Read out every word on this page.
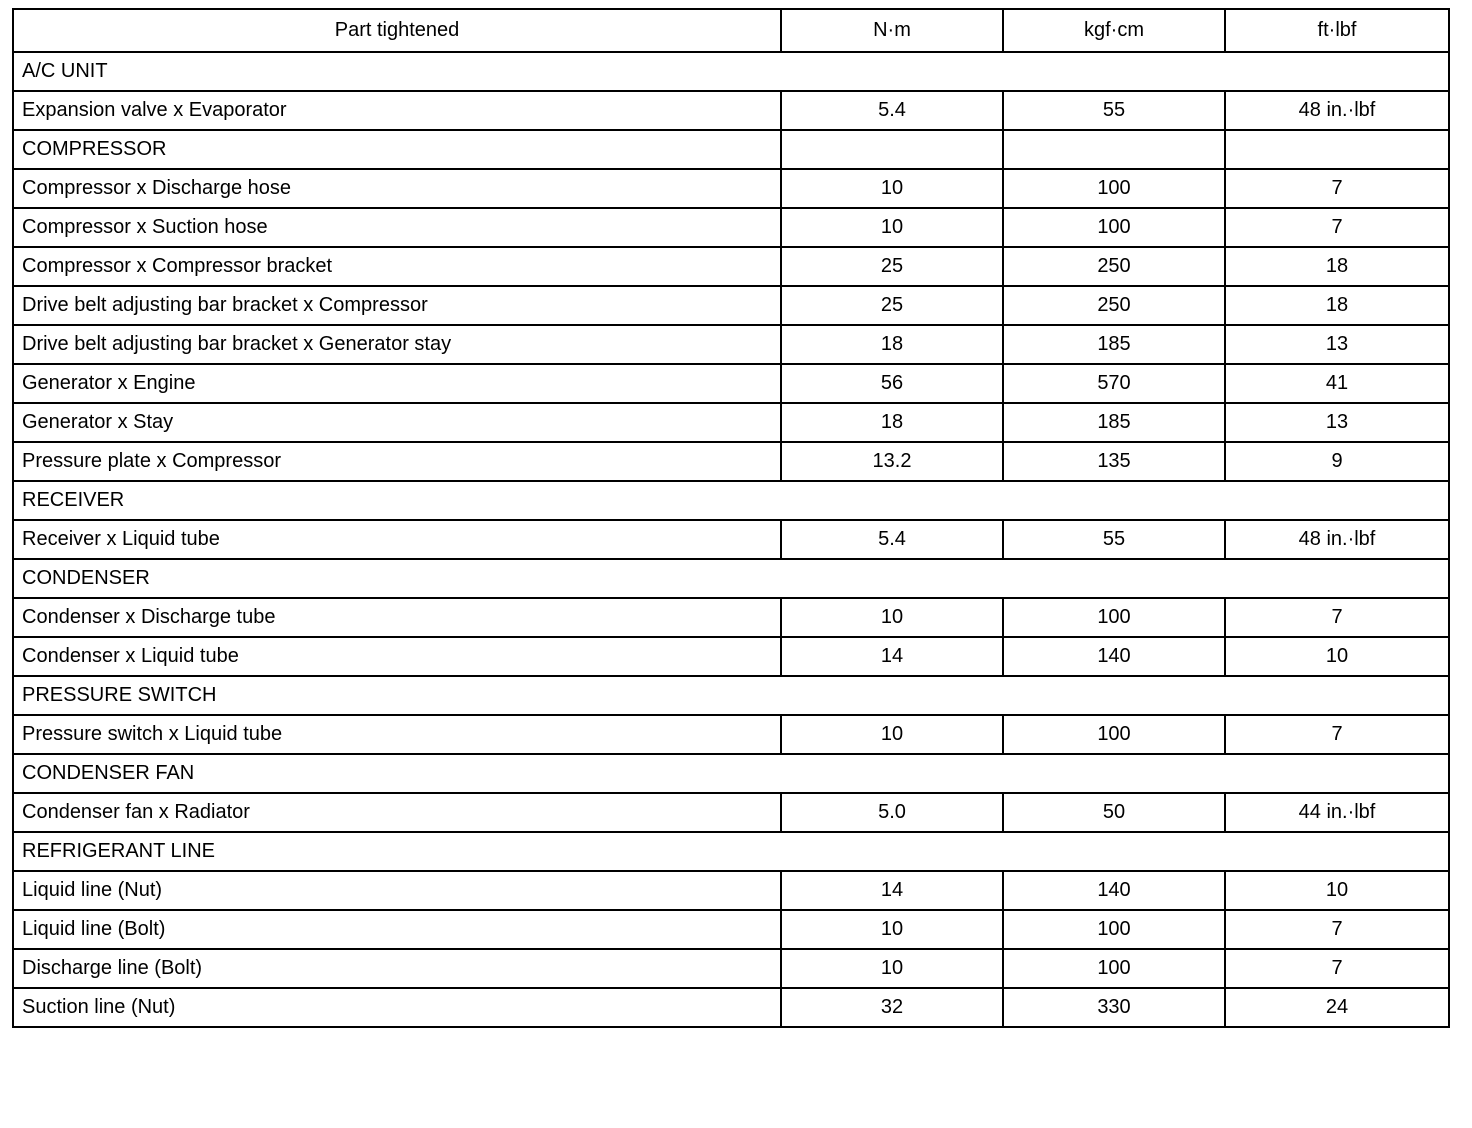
Part tightened	N·m	kgf·cm	ft·lbf
A/C UNIT			
Expansion valve x Evaporator	5.4	55	48 in.·lbf
COMPRESSOR			
Compressor x Discharge hose	10	100	7
Compressor x Suction hose	10	100	7
Compressor x Compressor bracket	25	250	18
Drive belt adjusting bar bracket x Compressor	25	250	18
Drive belt adjusting bar bracket x Generator stay	18	185	13
Generator x Engine	56	570	41
Generator x Stay	18	185	13
Pressure plate x Compressor	13.2	135	9
RECEIVER			
Receiver x Liquid tube	5.4	55	48 in.·lbf
CONDENSER			
Condenser x Discharge tube	10	100	7
Condenser x Liquid tube	14	140	10
PRESSURE SWITCH			
Pressure switch x Liquid tube	10	100	7
CONDENSER FAN			
Condenser fan x Radiator	5.0	50	44 in.·lbf
REFRIGERANT LINE			
Liquid line (Nut)	14	140	10
Liquid line (Bolt)	10	100	7
Discharge line (Bolt)	10	100	7
Suction line (Nut)	32	330	24
